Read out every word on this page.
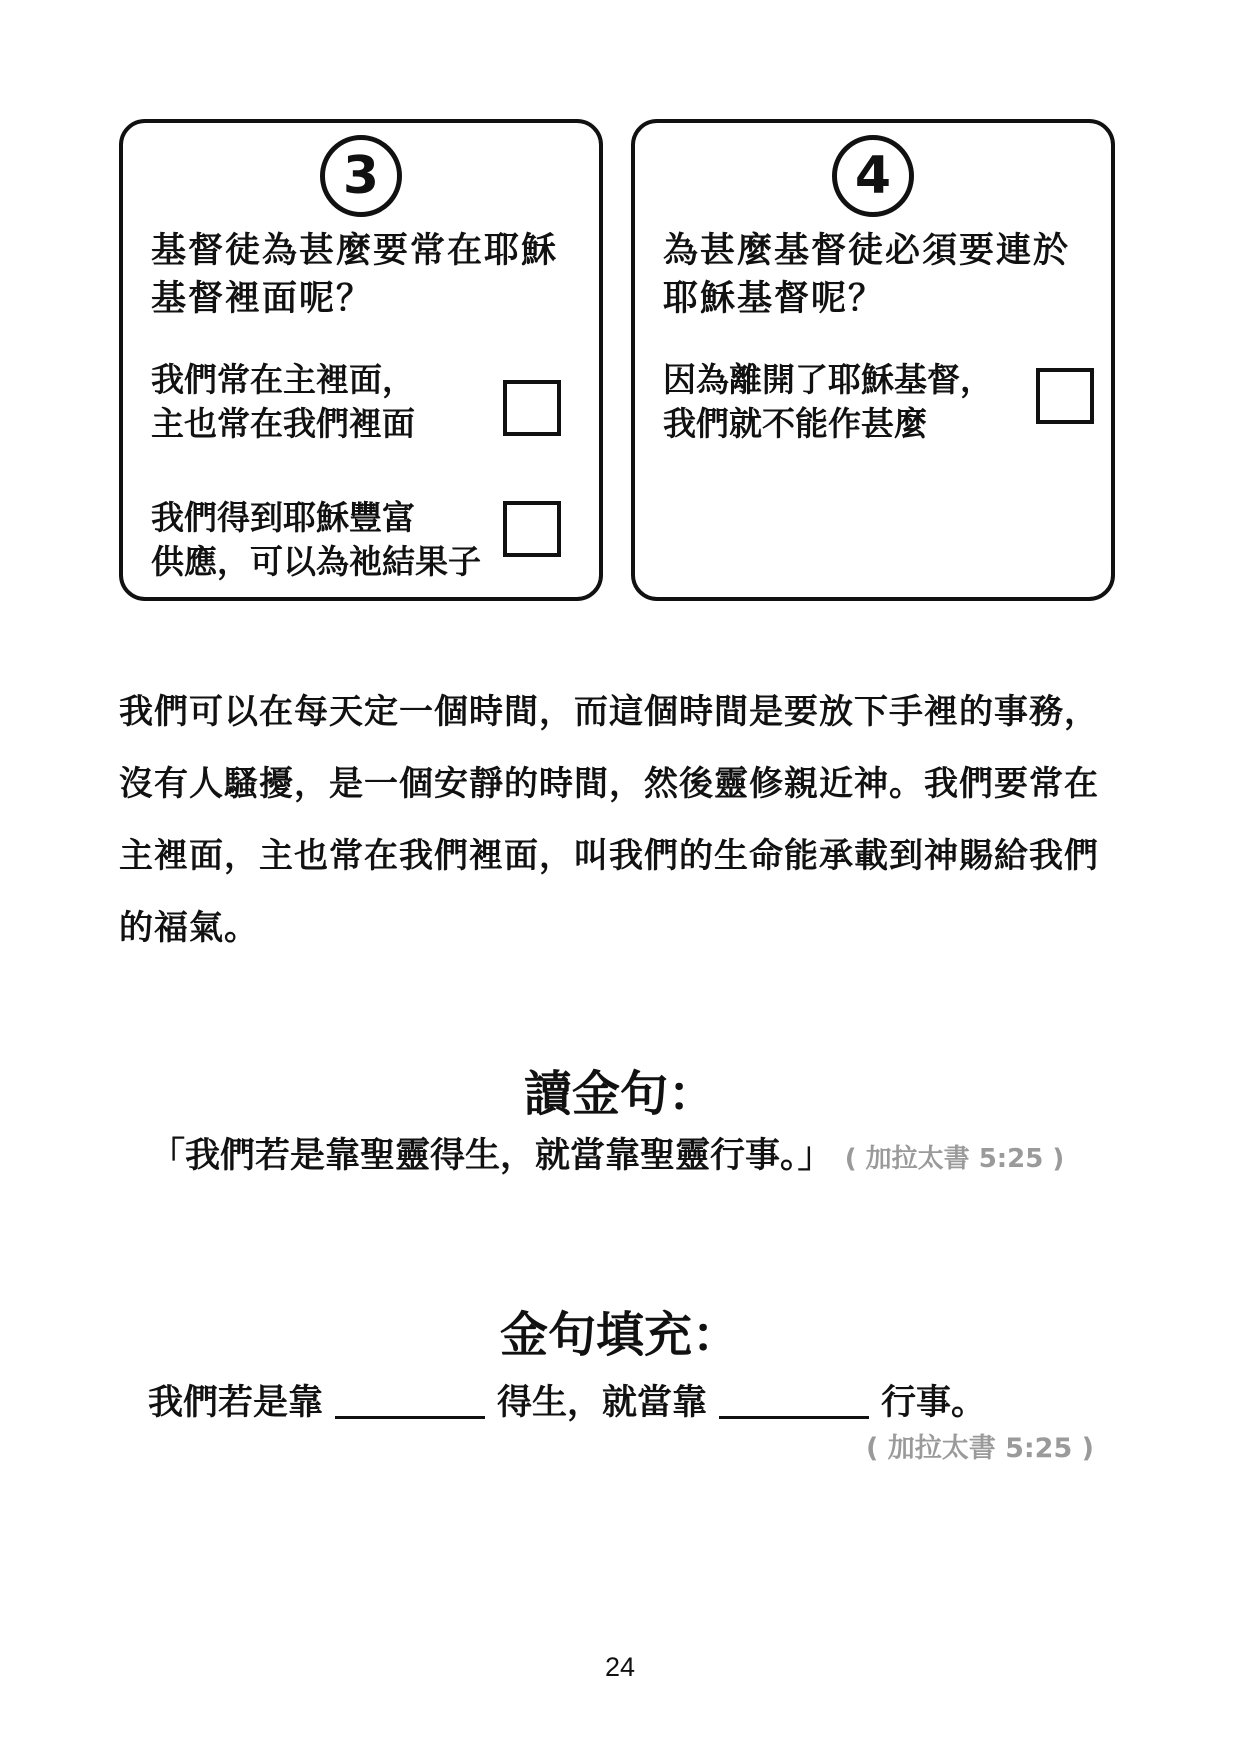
3
基督徒為甚麼要常在耶穌基督裡面呢？
我們常在主裡面，
主也常在我們裡面
我們得到耶穌豐富
供應，可以為祂結果子
4
為甚麼基督徒必須要連於耶穌基督呢？
因為離開了耶穌基督，
我們就不能作甚麼
我們可以在每天定一個時間，而這個時間是要放下手裡的事務，沒有人騷擾，是一個安靜的時間，然後靈修親近神。我們要常在主裡面，主也常在我們裡面，叫我們的生命能承載到神賜給我們的福氣。
讀金句：
「我們若是靠聖靈得生，就當靠聖靈行事。」 ( 加拉太書 5:25 )
金句填充：
我們若是靠	得生，就當靠	行事。
( 加拉太書 5:25 )
24
